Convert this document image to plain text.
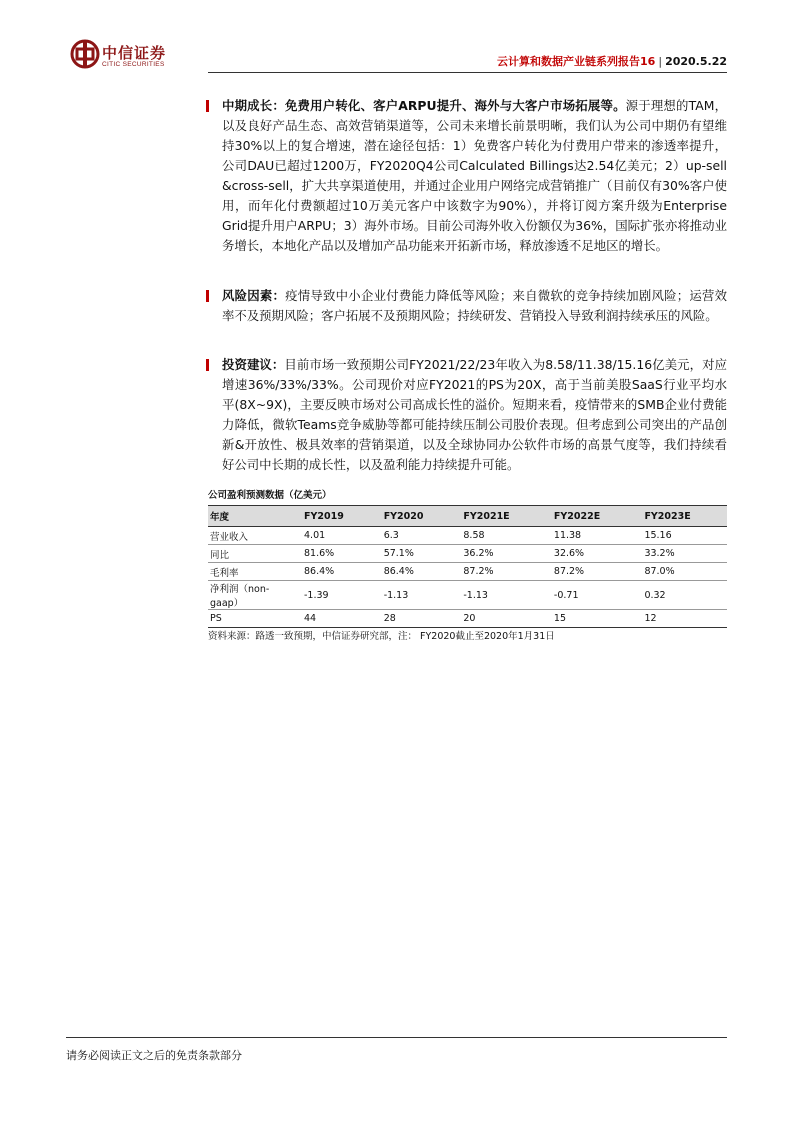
中信证券
CITIC SECURITIES	云计算和数据产业链系列报告16 | 2020.5.22
中期成长：免费用户转化、客户ARPU提升、海外与大客户市场拓展等。源于理想的TAM，以及良好产品生态、高效营销渠道等，公司未来增长前景明晰，我们认为公司中期仍有望维持30%以上的复合增速，潜在途径包括：1）免费客户转化为付费用户带来的渗透率提升，公司DAU已超过1200万，FY2020Q4公司Calculated Billings达2.54亿美元；2）up-sell &cross-sell，扩大共享渠道使用，并通过企业用户网络完成营销推广（目前仅有30%客户使用，而年化付费额超过10万美元客户中该数字为90%），并将订阅方案升级为Enterprise Grid提升用户ARPU；3）海外市场。目前公司海外收入份额仅为36%，国际扩张亦将推动业务增长，本地化产品以及增加产品功能来开拓新市场，释放渗透不足地区的增长。
风险因素：疫情导致中小企业付费能力降低等风险；来自微软的竞争持续加剧风险；运营效率不及预期风险；客户拓展不及预期风险；持续研发、营销投入导致利润持续承压的风险。
投资建议：目前市场一致预期公司FY2021/22/23年收入为8.58/11.38/15.16亿美元，对应增速36%/33%/33%。公司现价对应FY2021的PS为20X，高于当前美股SaaS行业平均水平(8X~9X)，主要反映市场对公司高成长性的溢价。短期来看，疫情带来的SMB企业付费能力降低，微软Teams竞争威胁等都可能持续压制公司股价表现。但考虑到公司突出的产品创新&开放性、极具效率的营销渠道，以及全球协同办公软件市场的高景气度等，我们持续看好公司中长期的成长性，以及盈利能力持续提升可能。
公司盈利预测数据（亿美元）
年度	FY2019	FY2020	FY2021E	FY2022E	FY2023E
营业收入	4.01	6.3	8.58	11.38	15.16
同比	81.6%	57.1%	36.2%	32.6%	33.2%
毛利率	86.4%	86.4%	87.2%	87.2%	87.0%
净利润（non-gaap）	-1.39	-1.13	-1.13	-0.71	0.32
PS	44	28	20	15	12
资料来源：路透一致预期，中信证券研究部，注： FY2020截止至2020年1月31日
请务必阅读正文之后的免责条款部分
